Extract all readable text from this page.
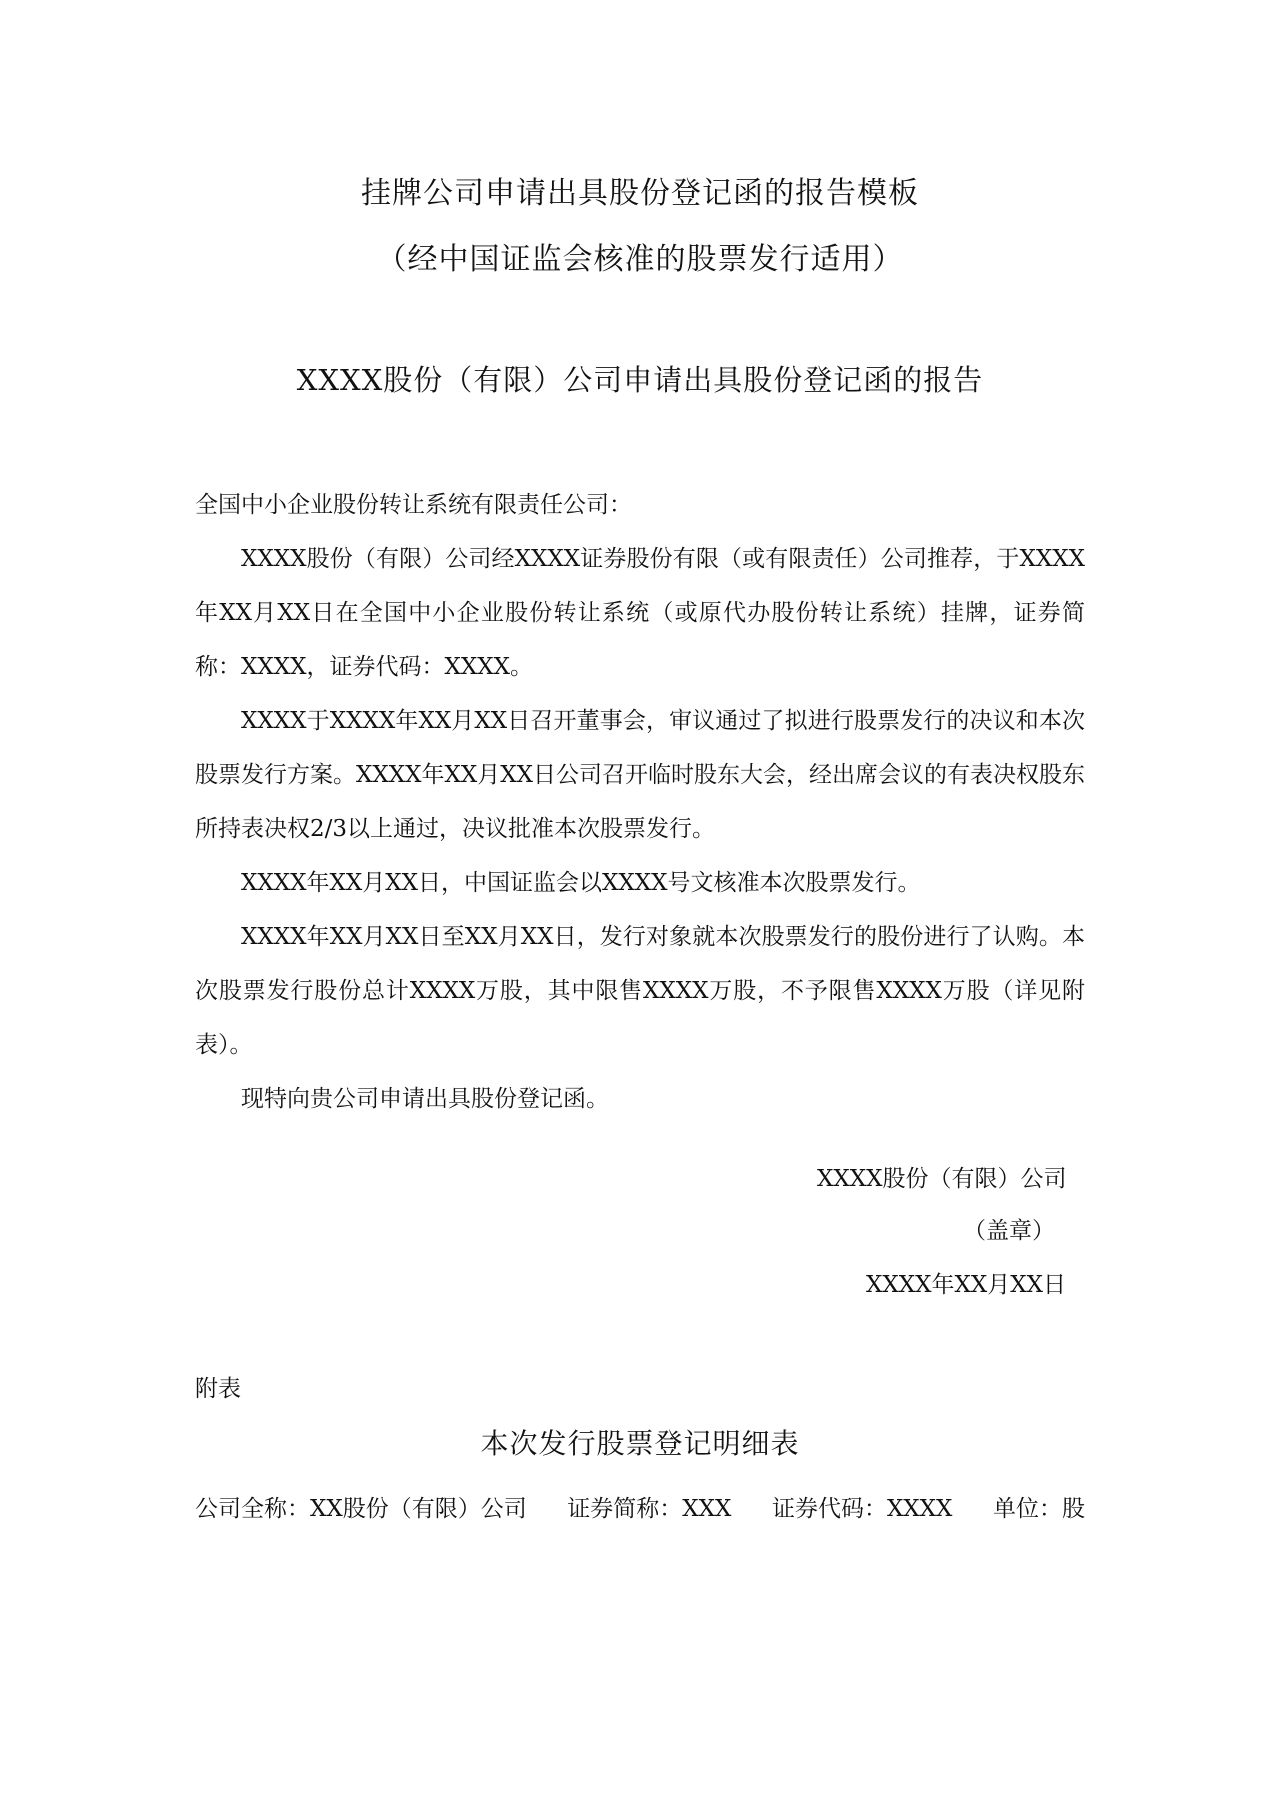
挂牌公司申请出具股份登记函的报告模板
（经中国证监会核准的股票发行适用）
XXXX股份（有限）公司申请出具股份登记函的报告

全国中小企业股份转让系统有限责任公司：

XXXX股份（有限）公司经XXXX证券股份有限（或有限责任）公司推荐，于XXXX年XX月XX日在全国中小企业股份转让系统（或原代办股份转让系统）挂牌，证券简称：XXXX，证券代码：XXXX。

XXXX于XXXX年XX月XX日召开董事会，审议通过了拟进行股票发行的决议和本次股票发行方案。XXXX年XX月XX日公司召开临时股东大会，经出席会议的有表决权股东所持表决权2/3以上通过，决议批准本次股票发行。

XXXX年XX月XX日，中国证监会以XXXX号文核准本次股票发行。

XXXX年XX月XX日至XX月XX日，发行对象就本次股票发行的股份进行了认购。本次股票发行股份总计XXXX万股，其中限售XXXX万股，不予限售XXXX万股（详见附表）。

现特向贵公司申请出具股份登记函。

XXXX股份（有限）公司
（盖章）
XXXX年XX月XX日
附表
本次发行股票登记明细表
公司全称：XX股份（有限）公司 证券简称：XXX 证券代码：XXXX 单位：股
